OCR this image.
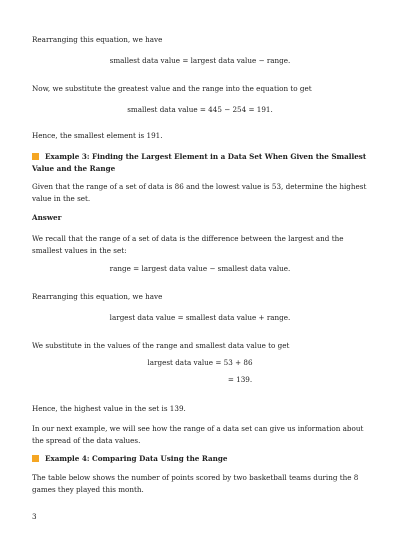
Rearranging this equation, we have

smallest data value = largest data value − range.

Now, we substitute the greatest value and the range into the equation to get

smallest data value = 445 − 254 = 191.

Hence, the smallest element is 191.

Example 3: Finding the Largest Element in a Data Set When Given the Smallest Value and the Range

Given that the range of a set of data is 86 and the lowest value is 53, determine the highest value in the set.

Answer

We recall that the range of a set of data is the difference between the largest and the smallest values in the set:

range = largest data value − smallest data value.

Rearranging this equation, we have

largest data value = smallest data value + range.

We substitute in the values of the range and smallest data value to get

largest data value = 53 + 86

= 139.

Hence, the highest value in the set is 139.

In our next example, we will see how the range of a data set can give us information about the spread of the data values.

Example 4: Comparing Data Using the Range

The table below shows the number of points scored by two basketball teams during the 8 games they played this month.

3
